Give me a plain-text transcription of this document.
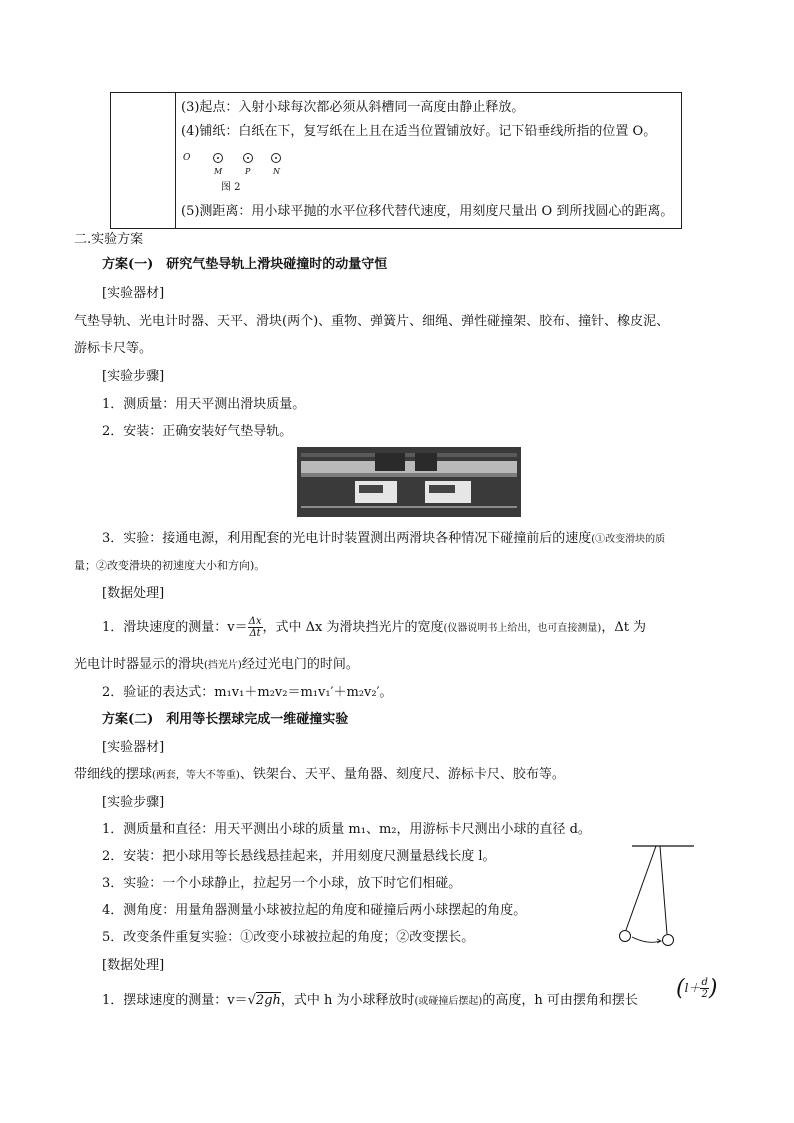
(3)起点：入射小球每次都必须从斜槽同一高度由静止释放。
(4)铺纸：白纸在下，复写纸在上且在适当位置铺放好。记下铅垂线所指的位置 O。
O
M	P	N
图 2
(5)测距离：用小球平抛的水平位移代替代速度，用刻度尺量出 O 到所找圆心的距离。
二.实验方案
方案(一)　研究气垫导轨上滑块碰撞时的动量守恒
[实验器材]
气垫导轨、光电计时器、天平、滑块(两个)、重物、弹簧片、细绳、弹性碰撞架、胶布、撞针、橡皮泥、
游标卡尺等。
[实验步骤]
1．测质量：用天平测出滑块质量。
2．安装：正确安装好气垫导轨。
3．实验：接通电源，利用配套的光电计时装置测出两滑块各种情况下碰撞前后的速度(①改变滑块的质
量；②改变滑块的初速度大小和方向)。
[数据处理]
1．滑块速度的测量：$v= \frac{\Delta x}{\Delta t}$ ，式中 Δx 为滑块挡光片的宽度(仪器说明书上给出，也可直接测量)，Δt 为
光电计时器显示的滑块(挡光片)经过光电门的时间。
2．验证的表达式：m₁v₁＋m₂v₂＝m₁v₁′＋m₂v₂′。
方案(二)　利用等长摆球完成一维碰撞实验
[实验器材]
带细线的摆球(两套，等大不等重)、铁架台、天平、量角器、刻度尺、游标卡尺、胶布等。
[实验步骤]
1．测质量和直径：用天平测出小球的质量 m₁、m₂，用游标卡尺测出小球的直径 d。
2．安装：把小球用等长悬线悬挂起来，并用刻度尺测量悬线长度 l。
3．实验：一个小球静止，拉起另一个小球，放下时它们相碰。
4．测角度：用量角器测量小球被拉起的角度和碰撞后两小球摆起的角度。
5．改变条件重复实验：①改变小球被拉起的角度；②改变摆长。
[数据处理]
1．摆球速度的测量：v＝√2gh，式中 h 为小球释放时(或碰撞后摆起)的高度，h 可由摆角和摆长 ($l+ \frac{d}{2}$ )
